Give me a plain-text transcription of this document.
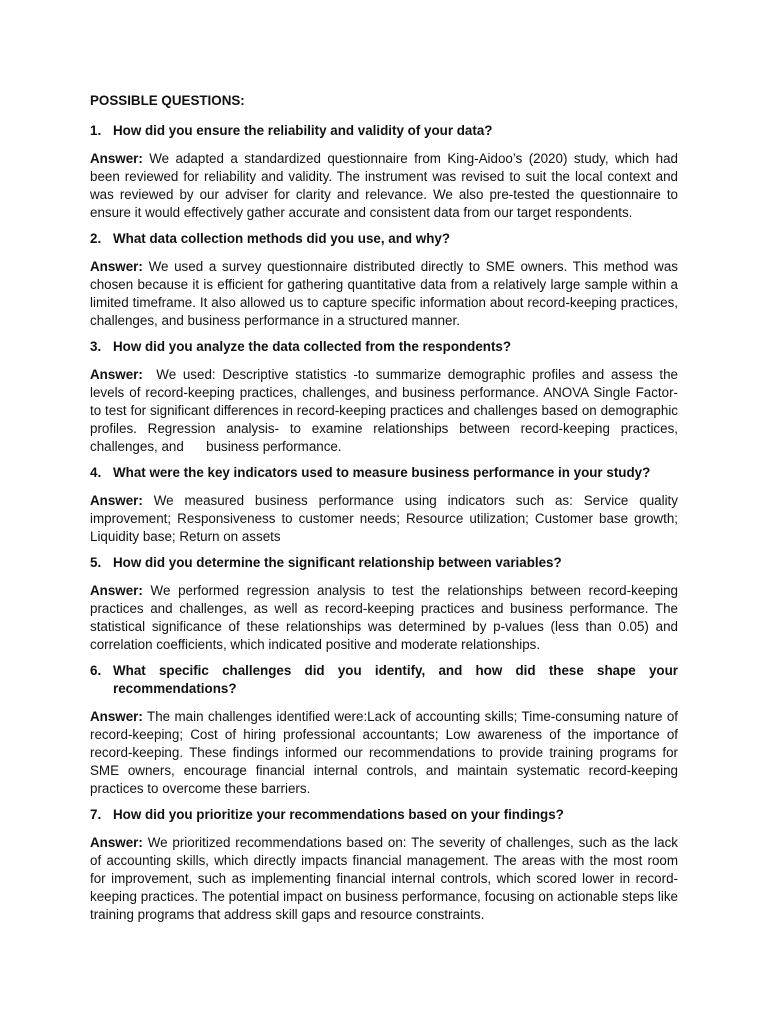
POSSIBLE QUESTIONS:

1. How did you ensure the reliability and validity of your data?

Answer: We adapted a standardized questionnaire from King-Aidoo’s (2020) study, which had been reviewed for reliability and validity. The instrument was revised to suit the local context and was reviewed by our adviser for clarity and relevance. We also pre-tested the questionnaire to ensure it would effectively gather accurate and consistent data from our target respondents.

2. What data collection methods did you use, and why?

Answer: We used a survey questionnaire distributed directly to SME owners. This method was chosen because it is efficient for gathering quantitative data from a relatively large sample within a limited timeframe. It also allowed us to capture specific information about record-keeping practices, challenges, and business performance in a structured manner.

3. How did you analyze the data collected from the respondents?

Answer:  We used: Descriptive statistics -to summarize demographic profiles and assess the levels of record-keeping practices, challenges, and business performance. ANOVA Single Factor- to test for significant differences in record-keeping practices and challenges based on demographic profiles. Regression analysis- to examine relationships between record-keeping practices, challenges, and      business performance.

4. What were the key indicators used to measure business performance in your study?

Answer: We measured business performance using indicators such as: Service quality improvement; Responsiveness to customer needs; Resource utilization; Customer base growth; Liquidity base; Return on assets

5. How did you determine the significant relationship between variables?

Answer: We performed regression analysis to test the relationships between record-keeping practices and challenges, as well as record-keeping practices and business performance. The statistical significance of these relationships was determined by p-values (less than 0.05) and correlation coefficients, which indicated positive and moderate relationships.

6. What specific challenges did you identify, and how did these shape your recommendations?

Answer: The main challenges identified were:Lack of accounting skills; Time-consuming nature of record-keeping; Cost of hiring professional accountants; Low awareness of the importance of record-keeping. These findings informed our recommendations to provide training programs for SME owners, encourage financial internal controls, and maintain systematic record-keeping practices to overcome these barriers.

7. How did you prioritize your recommendations based on your findings?

Answer: We prioritized recommendations based on: The severity of challenges, such as the lack of accounting skills, which directly impacts financial management. The areas with the most room for improvement, such as implementing financial internal controls, which scored lower in record-keeping practices. The potential impact on business performance, focusing on actionable steps like training programs that address skill gaps and resource constraints.
